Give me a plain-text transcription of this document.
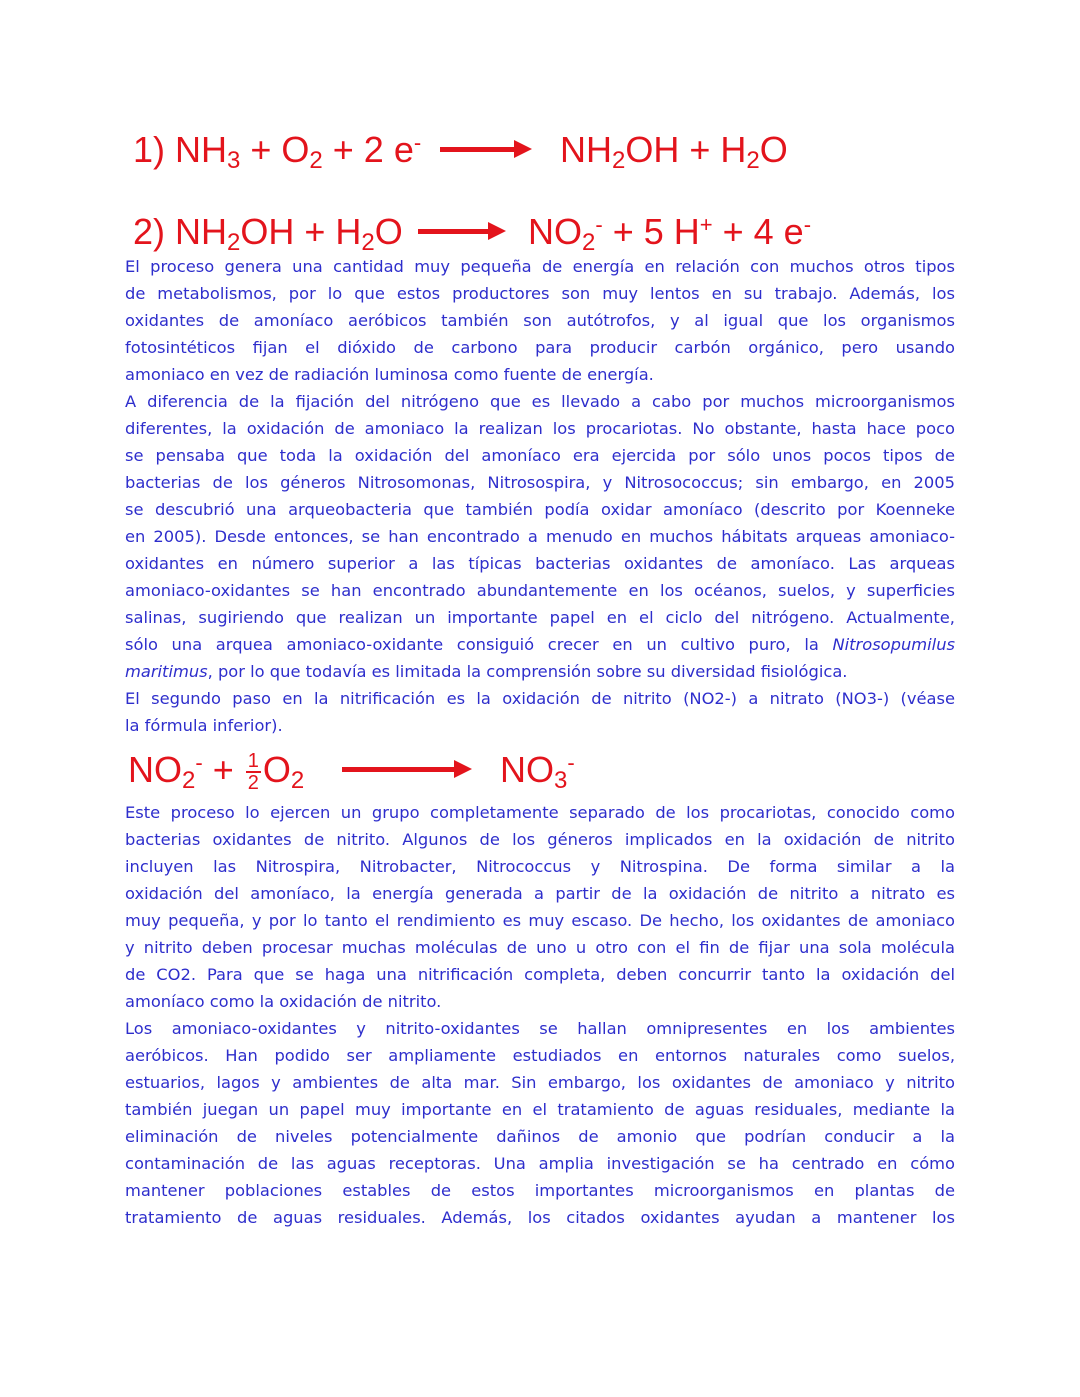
1) $NH_3 + O_2 + 2$ $e^- \to NH_2OH + H_2O$
2) $NH_2OH + H_2O \to NO_2^- + 5$ H+ + 4 e-
$NO_2^- + \frac{1}{2} O_2 \to NO_3^-$
El proceso genera una cantidad muy pequeña de energía en relación con muchos otros tipos
de metabolismos, por lo que estos productores son muy lentos en su trabajo. Además, los
oxidantes de amoníaco aeróbicos también son autótrofos, y al igual que los organismos
fotosintéticos fijan el dióxido de carbono para producir carbón orgánico, pero usando
amoniaco en vez de radiación luminosa como fuente de energía.
A diferencia de la fijación del nitrógeno que es llevado a cabo por muchos microorganismos
diferentes, la oxidación de amoniaco la realizan los procariotas. No obstante, hasta hace poco
se pensaba que toda la oxidación del amoníaco era ejercida por sólo unos pocos tipos de
bacterias de los géneros Nitrosomonas, Nitrosospira, y Nitrosococcus; sin embargo, en 2005
se descubrió una arqueobacteria que también podía oxidar amoníaco (descrito por Koenneke
en 2005). Desde entonces, se han encontrado a menudo en muchos hábitats arqueas amoniaco-
oxidantes en número superior a las típicas bacterias oxidantes de amoníaco. Las arqueas
amoniaco-oxidantes se han encontrado abundantemente en los océanos, suelos, y superficies
salinas, sugiriendo que realizan un importante papel en el ciclo del nitrógeno. Actualmente,
sólo una arquea amoniaco-oxidante consiguió crecer en un cultivo puro, la Nitrosopumilus
maritimus, por lo que todavía es limitada la comprensión sobre su diversidad fisiológica.
El segundo paso en la nitrificación es la oxidación de nitrito (NO2-) a nitrato (NO3-) (véase
la fórmula inferior).
Este proceso lo ejercen un grupo completamente separado de los procariotas, conocido como
bacterias oxidantes de nitrito. Algunos de los géneros implicados en la oxidación de nitrito
incluyen las Nitrospira, Nitrobacter, Nitrococcus y Nitrospina. De forma similar a la
oxidación del amoníaco, la energía generada a partir de la oxidación de nitrito a nitrato es
muy pequeña, y por lo tanto el rendimiento es muy escaso. De hecho, los oxidantes de amoniaco
y nitrito deben procesar muchas moléculas de uno u otro con el fin de fijar una sola molécula
de CO2. Para que se haga una nitrificación completa, deben concurrir tanto la oxidación del
amoníaco como la oxidación de nitrito.
Los amoniaco-oxidantes y nitrito-oxidantes se hallan omnipresentes en los ambientes
aeróbicos. Han podido ser ampliamente estudiados en entornos naturales como suelos,
estuarios, lagos y ambientes de alta mar. Sin embargo, los oxidantes de amoniaco y nitrito
también juegan un papel muy importante en el tratamiento de aguas residuales, mediante la
eliminación de niveles potencialmente dañinos de amonio que podrían conducir a la
contaminación de las aguas receptoras. Una amplia investigación se ha centrado en cómo
mantener poblaciones estables de estos importantes microorganismos en plantas de
tratamiento de aguas residuales. Además, los citados oxidantes ayudan a mantener los
